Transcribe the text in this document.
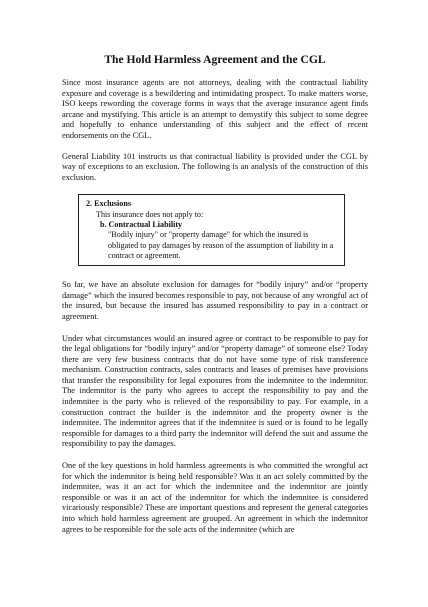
The Hold Harmless Agreement and the CGL

Since most insurance agents are not attorneys, dealing with the contractual liability exposure and coverage is a bewildering and intimidating prospect. To make matters worse, ISO keeps rewording the coverage forms in ways that the average insurance agent finds arcane and mystifying. This article is an attempt to demystify this subject to some degree and hopefully to enhance understanding of this subject and the effect of recent endorsements on the CGL.

General Liability 101 instructs us that contractual liability is provided under the CGL by way of exceptions to an exclusion. The following is an analysis of the construction of this exclusion.

2. Exclusions
This insurance does not apply to:
b. Contractual Liability
"Bodily injury" or "property damage" for which the insured is obligated to pay damages by reason of the assumption of liability in a contract or agreement.

So far, we have an absolute exclusion for damages for “bodily injury” and/or “property damage” which the insured becomes responsible to pay, not because of any wrongful act of the insured, but because the insured has assumed responsibility to pay in a contract or agreement.

Under what circumstances would an insured agree or contract to be responsible to pay for the legal obligations for “bodily injury” and/or “property damage” of someone else? Today there are very few business contracts that do not have some type of risk transference mechanism. Construction contracts, sales contracts and leases of premises have provisions that transfer the responsibility for legal exposures from the indemnitee to the indemnitor. The indemnitor is the party who agrees to accept the responsibility to pay and the indemnitee is the party who is relieved of the responsibility to pay. For example, in a construction contract the builder is the indemnitor and the property owner is the indemnitee. The indemnitor agrees that if the indemnitee is sued or is found to be legally responsible for damages to a third party the indemnitor will defend the suit and assume the responsibility to pay the damages.

One of the key questions in hold harmless agreements is who committed the wrongful act for which the indemnitor is being held responsible? Was it an act solely committed by the indemnitee, was it an act for which the indemnitee and the indemnitor are jointly responsible or was it an act of the indemnitor for which the indemnitee is considered vicariously responsible? These are important questions and represent the general categories into which hold harmless agreement are grouped. An agreement in which the indemnitor agrees to be responsible for the sole acts of the indemnitee (which are
